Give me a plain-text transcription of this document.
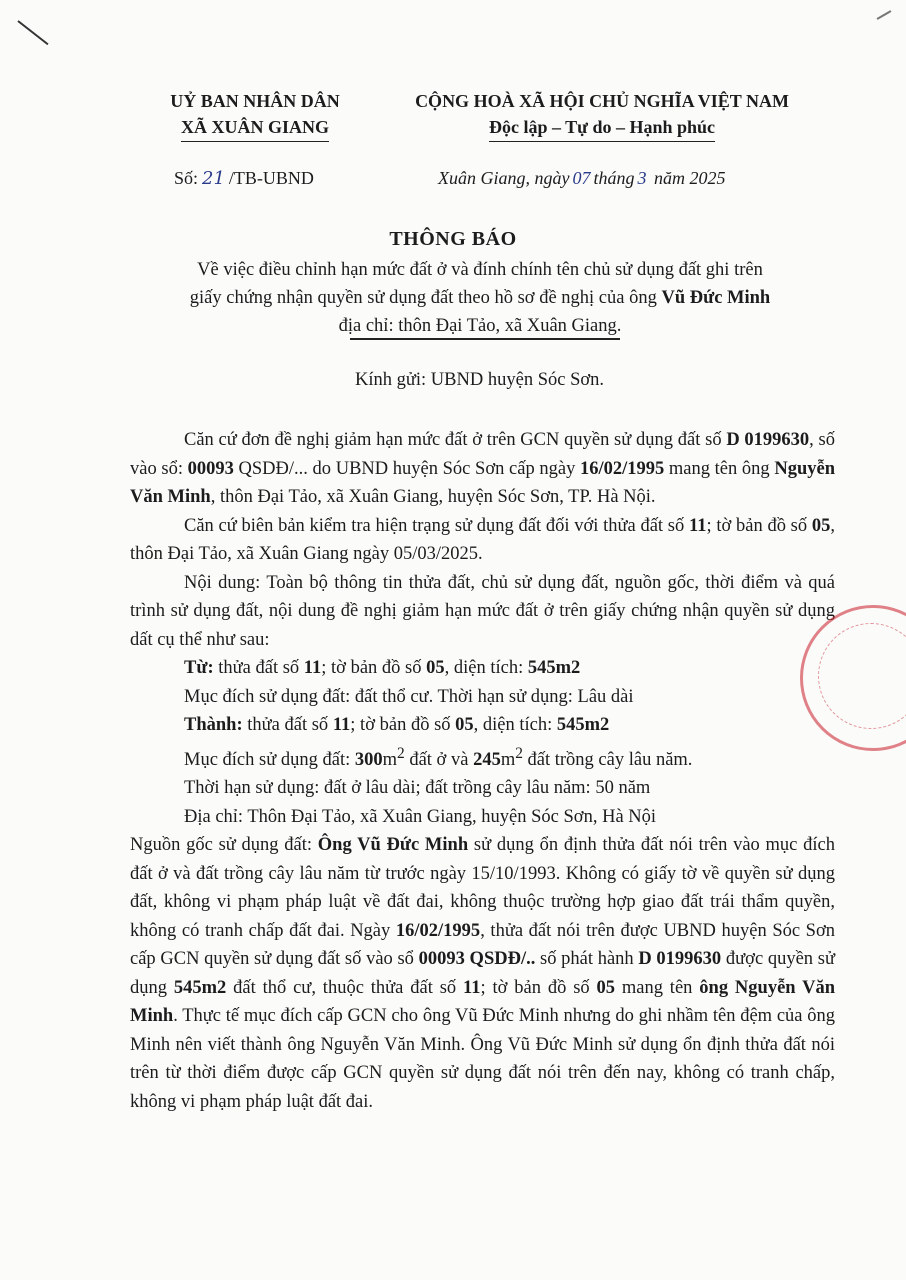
UỶ BAN NHÂN DÂN
XÃ XUÂN GIANG
CỘNG HOÀ XÃ HỘI CHỦ NGHĨA VIỆT NAM
Độc lập – Tự do – Hạnh phúc
Số: 21 /TB-UBND	Xuân Giang, ngày 07 tháng 3 năm 2025
THÔNG BÁO
Về việc điều chỉnh hạn mức đất ở và đính chính tên chủ sử dụng đất ghi trên
giấy chứng nhận quyền sử dụng đất theo hồ sơ đề nghị của ông Vũ Đức Minh
địa chỉ: thôn Đại Tảo, xã Xuân Giang.
Kính gửi: UBND huyện Sóc Sơn.

Căn cứ đơn đề nghị giảm hạn mức đất ở trên GCN quyền sử dụng đất số D 0199630, số vào sổ: 00093 QSDĐ/... do UBND huyện Sóc Sơn cấp ngày 16/02/1995 mang tên ông Nguyễn Văn Minh, thôn Đại Tảo, xã Xuân Giang, huyện Sóc Sơn, TP. Hà Nội.

Căn cứ biên bản kiểm tra hiện trạng sử dụng đất đối với thửa đất số 11; tờ bản đồ số 05, thôn Đại Tảo, xã Xuân Giang ngày 05/03/2025.

Nội dung: Toàn bộ thông tin thửa đất, chủ sử dụng đất, nguồn gốc, thời điểm và quá trình sử dụng đất, nội dung đề nghị giảm hạn mức đất ở trên giấy chứng nhận quyền sử dụng dất cụ thể như sau:

Từ: thửa đất số 11; tờ bản đồ số 05, diện tích: 545m2

Mục đích sử dụng đất: đất thổ cư. Thời hạn sử dụng: Lâu dài

Thành: thửa đất số 11; tờ bản đồ số 05, diện tích: 545m2

Mục đích sử dụng đất: $300m^2$ đất ở và $245m^2$ đất trồng cây lâu năm.

Thời hạn sử dụng: đất ở lâu dài; đất trồng cây lâu năm: 50 năm

Địa chỉ: Thôn Đại Tảo, xã Xuân Giang, huyện Sóc Sơn, Hà Nội

Nguồn gốc sử dụng đất: Ông Vũ Đức Minh sử dụng ổn định thửa đất nói trên vào mục đích đất ở và đất trồng cây lâu năm từ trước ngày 15/10/1993. Không có giấy tờ về quyền sử dụng đất, không vi phạm pháp luật về đất đai, không thuộc trường hợp giao đất trái thẩm quyền, không có tranh chấp đất đai. Ngày 16/02/1995, thửa đất nói trên được UBND huyện Sóc Sơn cấp GCN quyền sử dụng đất số vào sổ 00093 QSDĐ/.. số phát hành D 0199630 được quyền sử dụng 545m2 đất thổ cư, thuộc thửa đất số 11; tờ bản đồ số 05 mang tên ông Nguyễn Văn Minh. Thực tế mục đích cấp GCN cho ông Vũ Đức Minh nhưng do ghi nhầm tên đệm của ông Minh nên viết thành ông Nguyễn Văn Minh. Ông Vũ Đức Minh sử dụng ổn định thửa đất nói trên từ thời điểm được cấp GCN quyền sử dụng đất nói trên đến nay, không có tranh chấp, không vi phạm pháp luật đất đai.
